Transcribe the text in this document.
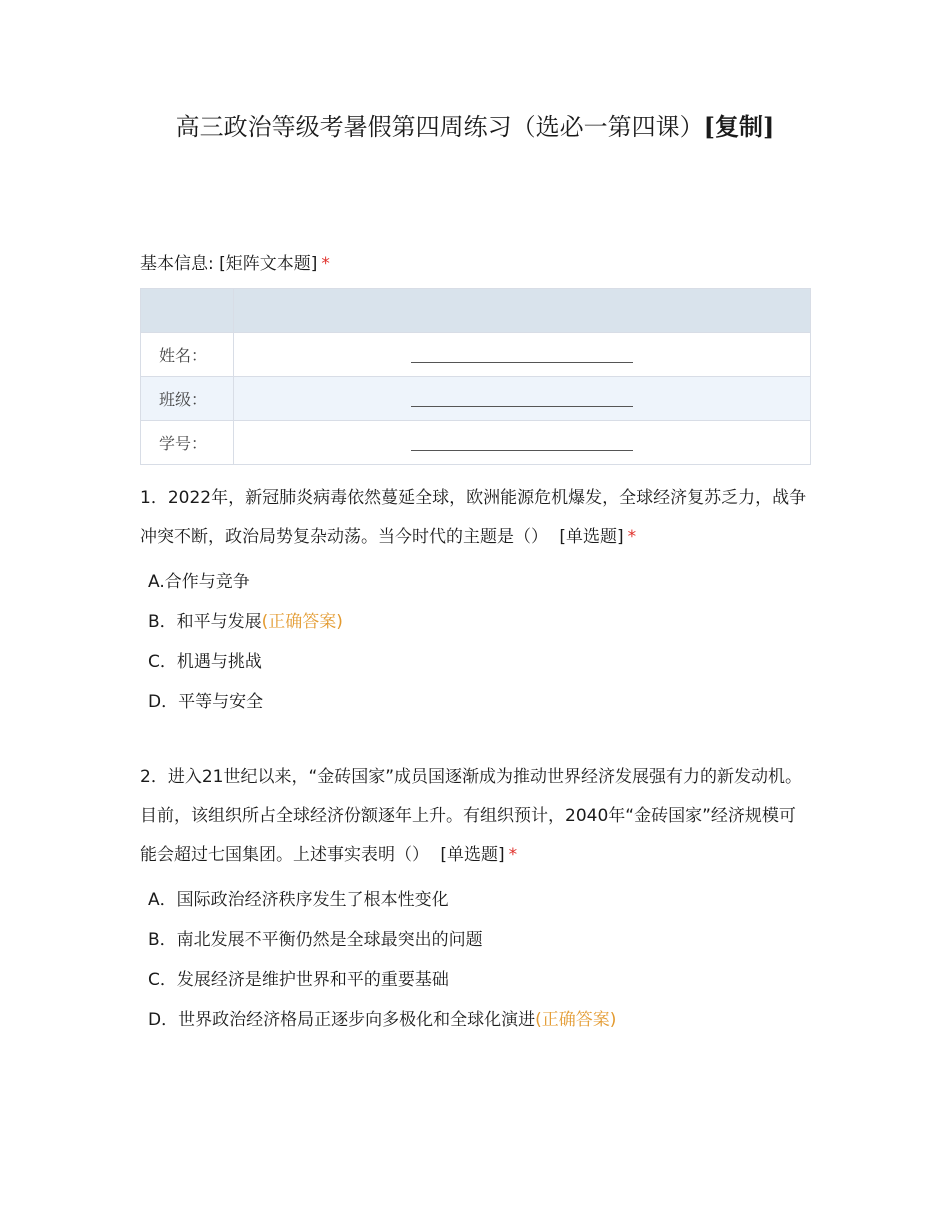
高三政治等级考暑假第四周练习（选必一第四课）[复制]
基本信息: [矩阵文本题] *

姓名：	
班级：	
学号：	
1．2022年，新冠肺炎病毒依然蔓延全球，欧洲能源危机爆发，全球经济复苏乏力，战争冲突不断，政治局势复杂动荡。当今时代的主题是（） [单选题] *
A.合作与竞争
B．和平与发展(正确答案)
C．机遇与挑战
D．平等与安全
2．进入21世纪以来，“金砖国家”成员国逐渐成为推动世界经济发展强有力的新发动机。目前，该组织所占全球经济份额逐年上升。有组织预计，2040年“金砖国家”经济规模可能会超过七国集团。上述事实表明（） [单选题] *
A．国际政治经济秩序发生了根本性变化
B．南北发展不平衡仍然是全球最突出的问题
C．发展经济是维护世界和平的重要基础
D．世界政治经济格局正逐步向多极化和全球化演进(正确答案)
